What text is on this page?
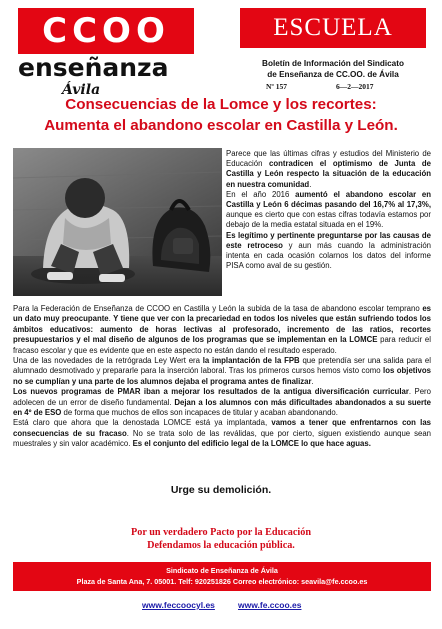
CCOO
enseñanza
Ávila
ESCUELA
Boletín de Información del Sindicato
de Enseñanza de CC.OO. de Ávila
Nº 157	6—2—2017
Consecuencias de la Lomce y los recortes:
Aumenta el abandono escolar en Castilla y León.

Parece que las últimas cifras y estudios del Ministerio de Educación contradicen el optimismo de Junta de Castilla y León respecto la situación de la educación en nuestra comunidad.

En el año 2016 aumentó el abandono escolar en Castilla y León 6 décimas pasando del 16,7% al 17,3%, aunque es cierto que con estas cifras todavía estamos por debajo de la media estatal situada en el 19%.

Es legítimo y pertinente preguntarse por las causas de este retroceso y aun más cuando la administración intenta en cada ocasión colarnos los datos del informe PISA como aval de su gestión.

Para la Federación de Enseñanza de CCOO en Castilla y León la subida de la tasa de abandono escolar temprano es un dato muy preocupante. Y tiene que ver con la precariedad en todos los niveles que están sufriendo todos los ámbitos educativos: aumento de horas lectivas al profesorado, incremento de las ratios, recortes presupuestarios y el mal diseño de algunos de los programas que se implementan en la LOMCE para reducir el fracaso escolar y que es evidente que en este aspecto no están dando el resultado esperado.

Una de las novedades de la retrógrada Ley Wert era la implantación de la FPB que pretendía ser una salida para el alumnado desmotivado y prepararle para la inserción laboral. Tras los primeros cursos hemos visto como los objetivos no se cumplían y una parte de los alumnos dejaba el programa antes de finalizar.

Los nuevos programas de PMAR iban a mejorar los resultados de la antigua diversificación curricular. Pero adolecen de un error de diseño fundamental. Dejan a los alumnos con más dificultades abandonados a su suerte en 4º de ESO de forma que muchos de ellos son incapaces de titular y acaban abandonando.

Está claro que ahora que la denostada LOMCE está ya implantada, vamos a tener que enfrentarnos con las consecuencias de su fracaso. No se trata solo de las reválidas, que por cierto, siguen existiendo aunque sean muestrales y sin valor académico. Es el conjunto del edificio legal de la LOMCE lo que hace aguas.

Urge su demolición.
Por un verdadero Pacto por la Educación
Defendamos la educación pública.
Sindicato de Enseñanza de Ávila
Plaza de Santa Ana, 7. 05001. Telf: 920251826 Correo electrónico: seavila@fe.ccoo.es
www.feccoocyl.es	www.fe.ccoo.es
